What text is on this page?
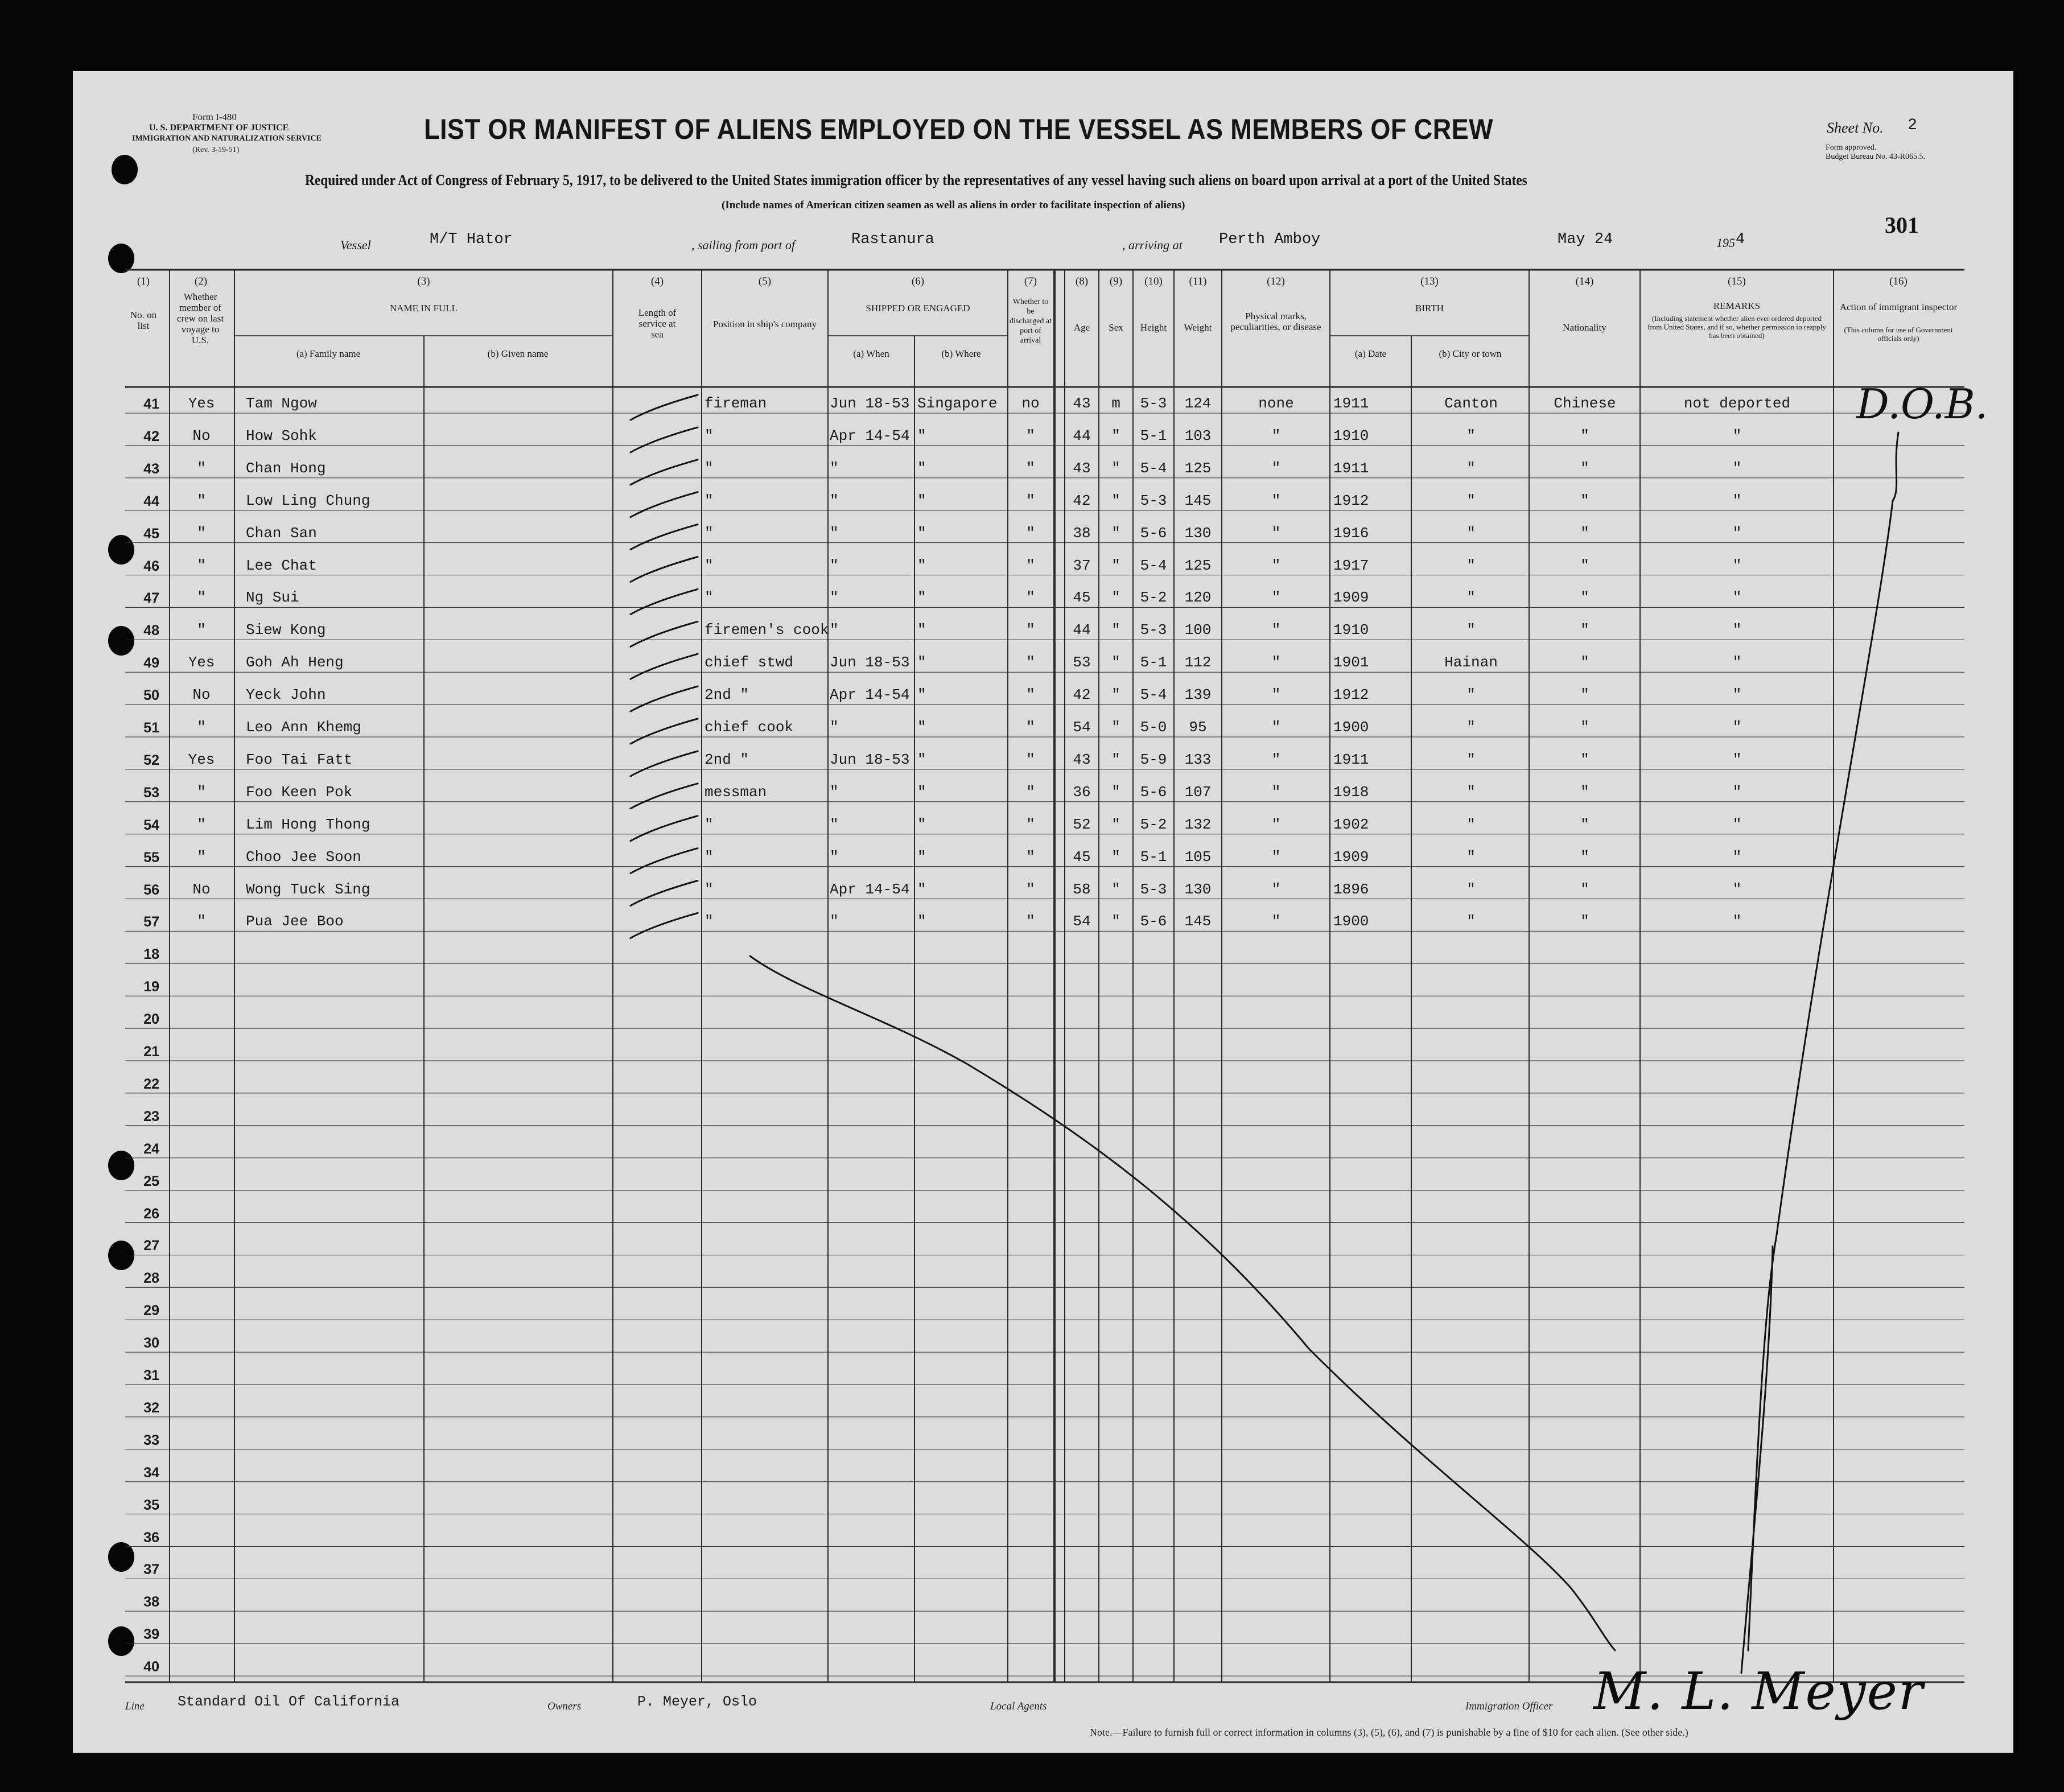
Form I-480
U. S. DEPARTMENT OF JUSTICE
IMMIGRATION AND NATURALIZATION SERVICE
(Rev. 3-19-51)
LIST OR MANIFEST OF ALIENS EMPLOYED ON THE VESSEL AS MEMBERS OF CREW	Sheet No. 2
Form approved.
Budget Bureau No. 43-R065.5.
Required under Act of Congress of February 5, 1917, to be delivered to the United States immigration officer by the representatives of any vessel having such aliens on board upon arrival at a port of the United States
(Include names of American citizen seamen as well as aliens in order to facilitate inspection of aliens)
301
Vessel	M/T Hator	, sailing from port of	Rastanura	, arriving at Perth Amboy	May 24	195 4
(1)
No. on list
(2)
Whether member of crew on last voyage to U.S.
(3)
NAME IN FULL
(a) Family name	(b) Given name
(4)
Length of service at sea
(5)
Position in ship's company
(6)
SHIPPED OR ENGAGED
(a) When	(b) Where
(7)
Whether to be discharged at port of arrival
(8)
Age
(9)
Sex
(10)
Height
(11)
Weight
(12)
Physical marks, peculiarities, or disease
(13)
BIRTH
(a) Date	(b) City or town
(14)
Nationality
(15)
REMARKS
(Including statement whether alien ever ordered deported from United States, and if so, whether permission to reapply has been obtained)
(16)
Action of immigrant inspector
(This column for use of Government officials only)
41	Yes	Tam Ngow	fireman	Jun 18-53 Singapore	no	43	m	5-3	124	none	1911	Canton	Chinese	not deported
42	No	How Sohk	"	Apr 14-54 "	"	44	"	5-1	103	"	1910	"	"	"
43	"	Chan Hong	"	"	"	"	43	"	5-4	125	"	1911	"	"	"
44	"	Low Ling Chung	"	"	"	"	42	"	5-3	145	"	1912	"	"	"
45	"	Chan San	"	"	"	"	38	"	5-6	130	"	1916	"	"	"
46	"	Lee Chat	"	"	"	"	37	"	5-4	125	"	1917	"	"	"
47	"	Ng Sui	"	"	"	"	45	"	5-2	120	"	1909	"	"	"
48	"	Siew Kong	firemen's cook "	"	"	44	"	5-3	100	"	1910	"	"	"
49	Yes	Goh Ah Heng	chief stwd	Jun 18-53 "	"	53	"	5-1	112	"	1901	Hainan	"	"
50	No	Yeck John	2nd "	Apr 14-54 "	"	42	"	5-4	139	"	1912	"	"	"
51	"	Leo Ann Khemg	chief cook	"	"	"	54	"	5-0	95	"	1900	"	"	"
52	Yes	Foo Tai Fatt	2nd "	Jun 18-53 "	"	43	"	5-9	133	"	1911	"	"	"
53	"	Foo Keen Pok	messman	"	"	"	36	"	5-6	107	"	1918	"	"	"
54	"	Lim Hong Thong	"	"	"	"	52	"	5-2	132	"	1902	"	"	"
55	"	Choo Jee Soon	"	"	"	"	45	"	5-1	105	"	1909	"	"	"
56	No	Wong Tuck Sing	"	Apr 14-54 "	"	58	"	5-3	130	"	1896	"	"	"
57	"	Pua Jee Boo	"	"	"	"	54	"	5-6	145	"	1900	"	"	"
18
19
20
21
22
23
24
25
26
27
28
29
30
31
32
33
34
35
36
37
38
39
40
D.O.B.
Line Standard Oil Of California	Owners	P. Meyer, Oslo	Local Agents	Immigration Officer M. L. Meyer
Note.—Failure to furnish full or correct information in columns (3), (5), (6), and (7) is punishable by a fine of $10 for each alien. (See other side.)
